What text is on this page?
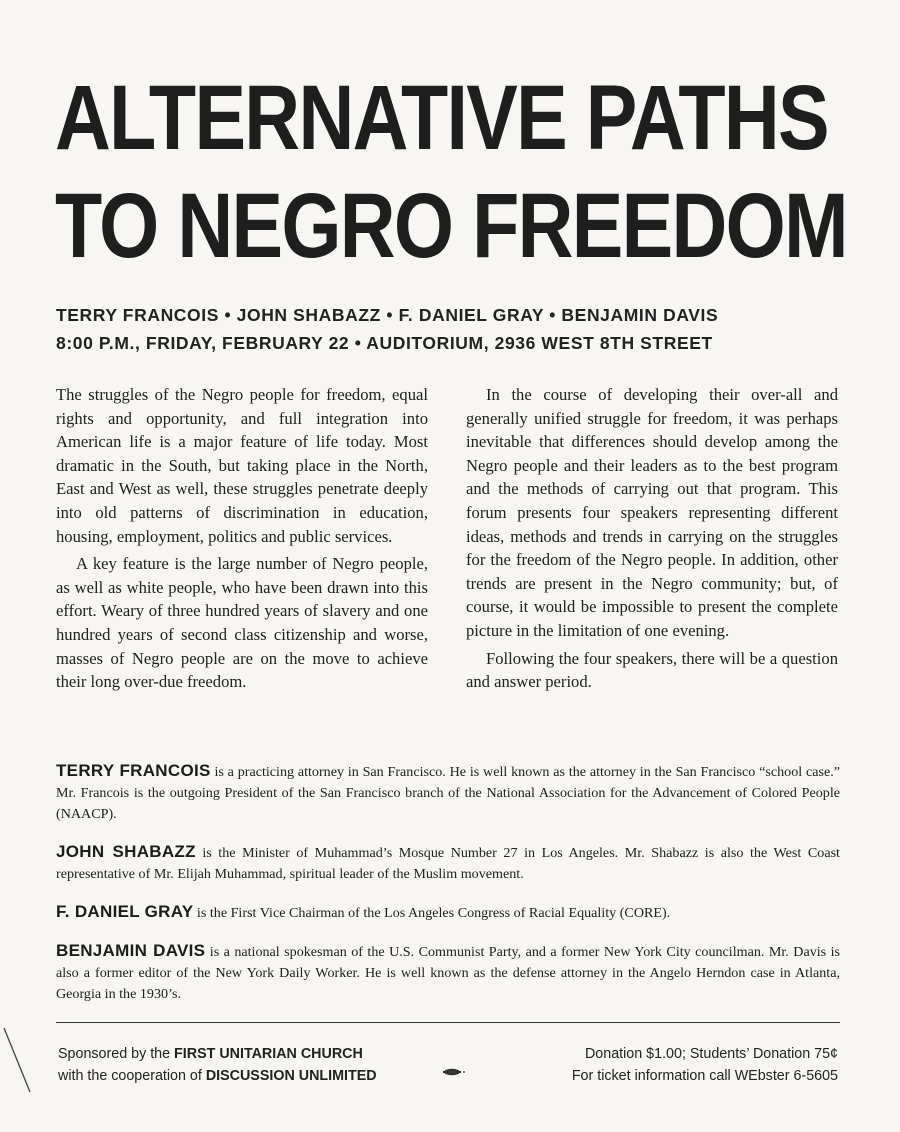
ALTERNATIVE PATHS
TO NEGRO FREEDOM
TERRY FRANCOIS • JOHN SHABAZZ • F. DANIEL GRAY • BENJAMIN DAVIS
8:00 P.M., FRIDAY, FEBRUARY 22 • AUDITORIUM, 2936 WEST 8TH STREET

The struggles of the Negro people for freedom, equal rights and opportunity, and full integration into American life is a major feature of life today. Most dramatic in the South, but taking place in the North, East and West as well, these struggles penetrate deeply into old patterns of discrimination in education, housing, employment, politics and public services.

A key feature is the large number of Negro people, as well as white people, who have been drawn into this effort. Weary of three hundred years of slavery and one hundred years of second class citizenship and worse, masses of Negro people are on the move to achieve their long over-due freedom.

In the course of developing their over-all and generally unified struggle for freedom, it was perhaps inevitable that differences should develop among the Negro people and their leaders as to the best program and the methods of carrying out that program. This forum presents four speakers representing different ideas, methods and trends in carrying on the struggles for the freedom of the Negro people. In addition, other trends are present in the Negro community; but, of course, it would be impossible to present the complete picture in the limitation of one evening.

Following the four speakers, there will be a question and answer period.

TERRY FRANCOIS is a practicing attorney in San Francisco. He is well known as the attorney in the San Francisco “school case.” Mr. Francois is the outgoing President of the San Francisco branch of the National Association for the Advancement of Colored People (NAACP).

JOHN SHABAZZ is the Minister of Muhammad’s Mosque Number 27 in Los Angeles. Mr. Shabazz is also the West Coast representative of Mr. Elijah Muhammad, spiritual leader of the Muslim movement.

F. DANIEL GRAY is the First Vice Chairman of the Los Angeles Congress of Racial Equality (CORE).

BENJAMIN DAVIS is a national spokesman of the U.S. Communist Party, and a former New York City councilman. Mr. Davis is also a former editor of the New York Daily Worker. He is well known as the defense attorney in the Angelo Herndon case in Atlanta, Georgia in the 1930’s.

Sponsored by the FIRST UNITARIAN CHURCH
with the cooperation of DISCUSSION UNLIMITED
Donation $1.00; Students’ Donation 75¢
For ticket information call WEbster 6-5605
